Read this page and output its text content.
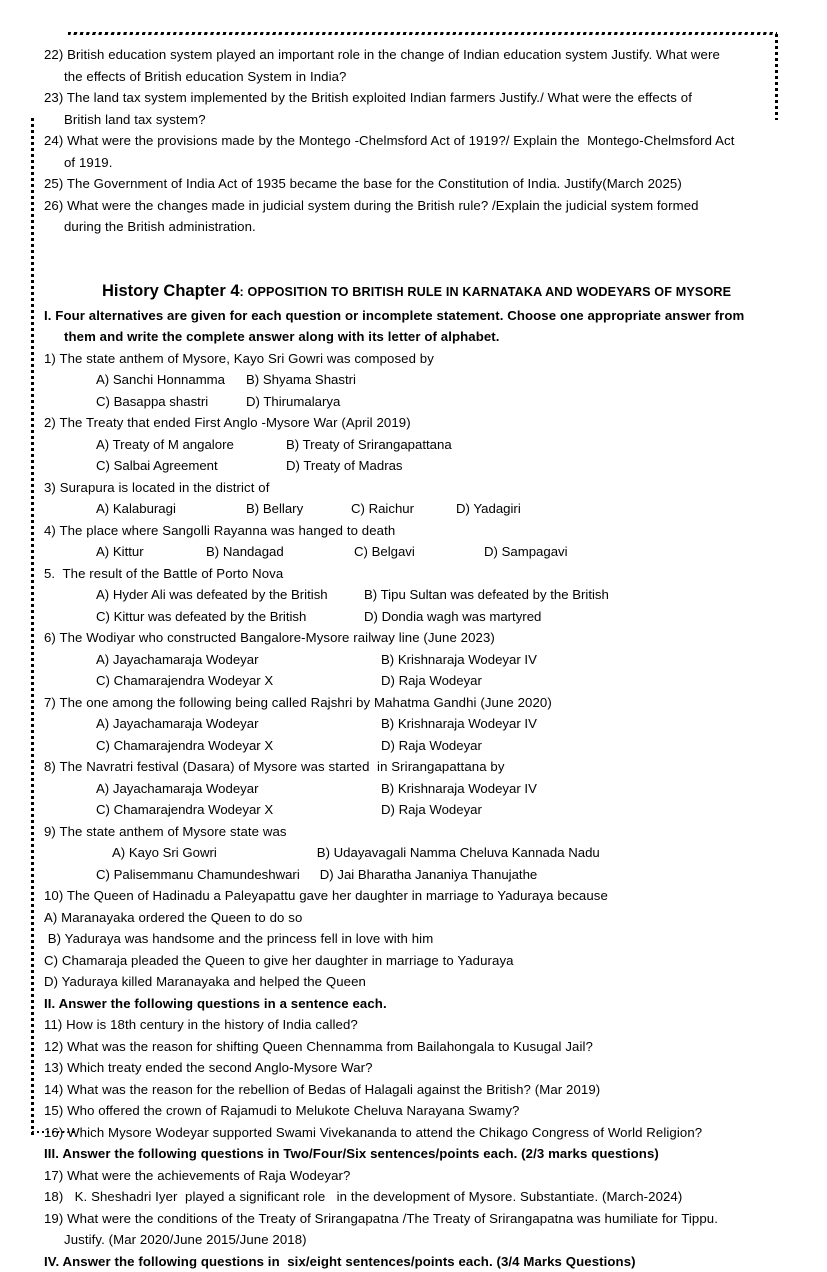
22) British education system played an important role in the change of Indian education system Justify. What were
the effects of British education System in India?
23) The land tax system implemented by the British exploited Indian farmers Justify./ What were the effects of
British land tax system?
24) What were the provisions made by the Montego -Chelmsford Act of 1919?/ Explain the  Montego-Chelmsford Act
of 1919.
25) The Government of India Act of 1935 became the base for the Constitution of India. Justify(March 2025)
26) What were the changes made in judicial system during the British rule? /Explain the judicial system formed
during the British administration.
History Chapter 4: OPPOSITION TO BRITISH RULE IN KARNATAKA AND WODEYARS OF MYSORE
I. Four alternatives are given for each question or incomplete statement. Choose one appropriate answer from
them and write the complete answer along with its letter of alphabet.
1) The state anthem of Mysore, Kayo Sri Gowri was composed by
A) Sanchi Honnamma	B) Shyama Shastri
C) Basappa shastri	D) Thirumalarya
2) The Treaty that ended First Anglo -Mysore War (April 2019)
A) Treaty of M angalore	B) Treaty of Srirangapattana
C) Salbai Agreement	D) Treaty of Madras
3) Surapura is located in the district of
A) Kalaburagi	B) Bellary	C) Raichur	D) Yadagiri
4) The place where Sangolli Rayanna was hanged to death
A) Kittur	B) Nandagad	C) Belgavi	D) Sampagavi
5.  The result of the Battle of Porto Nova
A) Hyder Ali was defeated by the British	B) Tipu Sultan was defeated by the British
C) Kittur was defeated by the British	D) Dondia wagh was martyred
6) The Wodiyar who constructed Bangalore-Mysore railway line (June 2023)
A) Jayachamaraja Wodeyar	B) Krishnaraja Wodeyar IV
C) Chamarajendra Wodeyar X	D) Raja Wodeyar
7) The one among the following being called Rajshri by Mahatma Gandhi (June 2020)
A) Jayachamaraja Wodeyar	B) Krishnaraja Wodeyar IV
C) Chamarajendra Wodeyar X	D) Raja Wodeyar
8) The Navratri festival (Dasara) of Mysore was started  in Srirangapattana by
A) Jayachamaraja Wodeyar	B) Krishnaraja Wodeyar IV
C) Chamarajendra Wodeyar X	D) Raja Wodeyar
9) The state anthem of Mysore state was
A) Kayo Sri Gowri	B) Udayavagali Namma Cheluva Kannada Nadu
C) Palisemmanu Chamundeshwari D) Jai Bharatha Jananiya Thanujathe
10) The Queen of Hadinadu a Paleyapattu gave her daughter in marriage to Yaduraya because
A) Maranayaka ordered the Queen to do so
B) Yaduraya was handsome and the princess fell in love with him
C) Chamaraja pleaded the Queen to give her daughter in marriage to Yaduraya
D) Yaduraya killed Maranayaka and helped the Queen
II. Answer the following questions in a sentence each.
11) How is 18th century in the history of India called?
12) What was the reason for shifting Queen Chennamma from Bailahongala to Kusugal Jail?
13) Which treaty ended the second Anglo-Mysore War?
14) What was the reason for the rebellion of Bedas of Halagali against the British? (Mar 2019)
15) Who offered the crown of Rajamudi to Melukote Cheluva Narayana Swamy?
16) Which Mysore Wodeyar supported Swami Vivekananda to attend the Chikago Congress of World Religion?
III. Answer the following questions in Two/Four/Six sentences/points each. (2/3 marks questions)
17) What were the achievements of Raja Wodeyar?
18)   K. Sheshadri Iyer  played a significant role   in the development of Mysore. Substantiate. (March-2024)
19) What were the conditions of the Treaty of Srirangapatna /The Treaty of Srirangapatna was humiliate for Tippu.
Justify. (Mar 2020/June 2015/June 2018)
IV. Answer the following questions in  six/eight sentences/points each. (3/4 Marks Questions)
